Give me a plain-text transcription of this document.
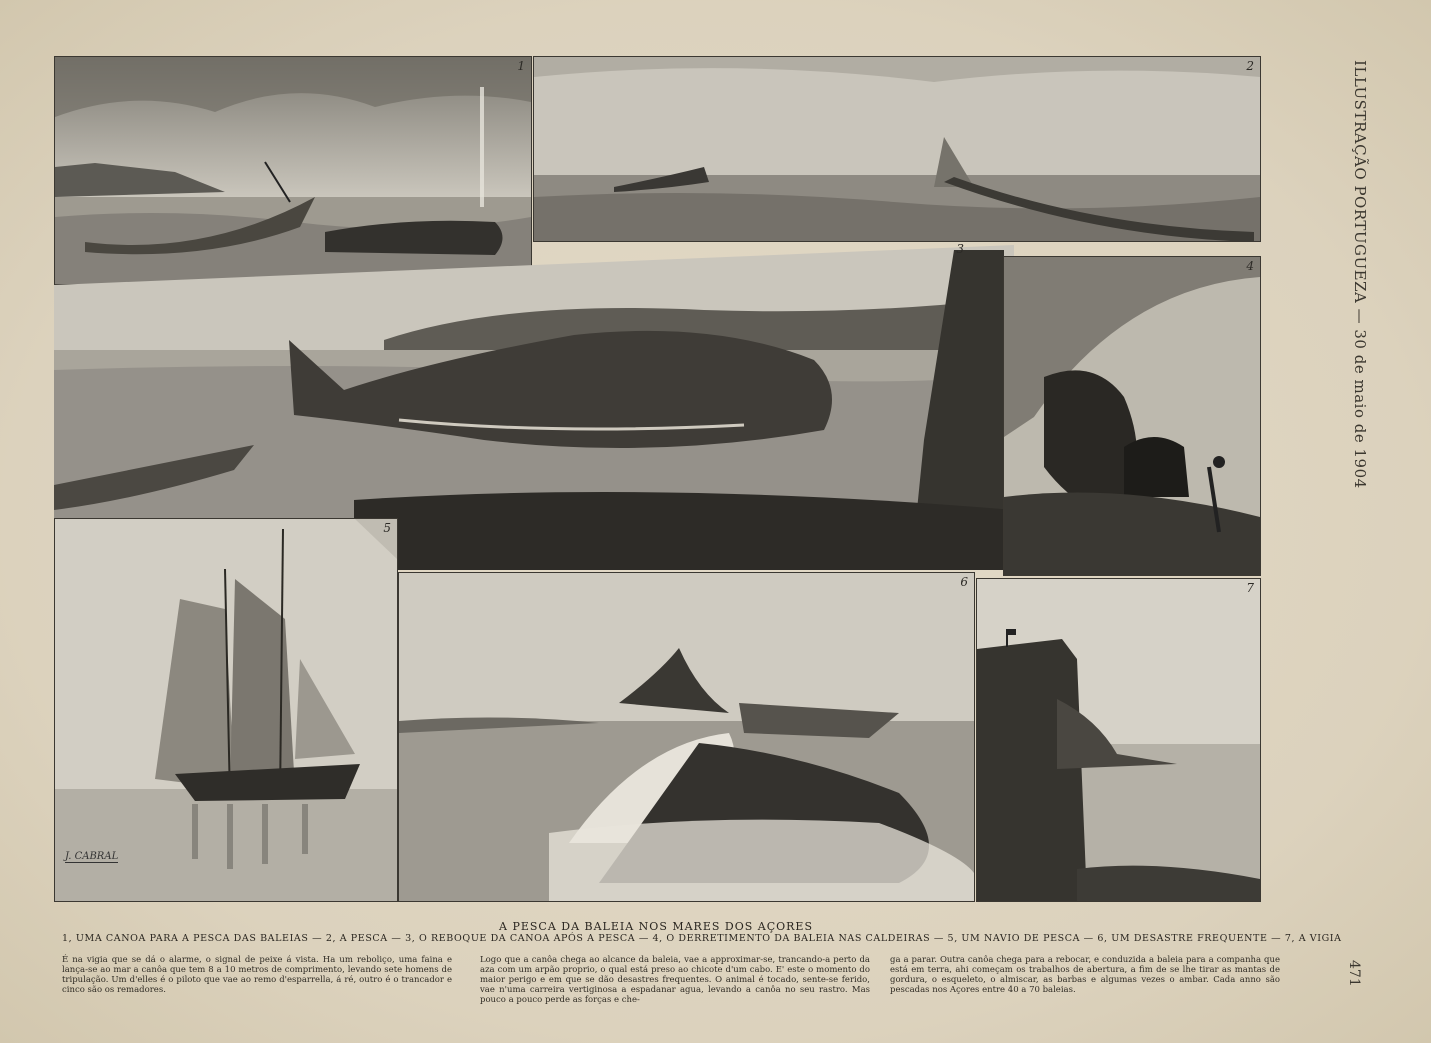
1	2
3
4
5
J. CABRAL
6	7
ILLUSTRAÇÃO PORTUGUEZA — 30 de maio de 1904
471
A PESCA DA BALEIA NOS MARES DOS AÇORES
1, UMA CANOA PARA A PESCA DAS BALEIAS — 2, A PESCA — 3, O REBOQUE DA CANOA APÓS A PESCA — 4, O DERRETIMENTO DA BALEIA NAS CALDEIRAS — 5, UM NAVIO DE PESCA — 6, UM DESASTRE FREQUENTE — 7, A VIGIA

É na vigia que se dá o alarme, o signal de peixe á vista. Ha um reboliço, uma faina e lança-se ao mar a canôa que tem 8 a 10 metros de comprimento, levando sete homens de tripulação. Um d'elles é o piloto que vae ao remo d'esparrella, á ré, outro é o trancador e cinco são os remadores.

Logo que a canôa chega ao alcance da baleia, vae a approximar-se, trancando-a perto da aza com um arpão proprio, o qual está preso ao chicote d'um cabo. E' este o momento do maior perigo e em que se dão desastres frequentes. O animal é tocado, sente-se ferido, vae n'uma carreira vertiginosa a espadanar agua, levando a canôa no seu rastro. Mas pouco a pouco perde as forças e che-

ga a parar. Outra canôa chega para a rebocar, e conduzida a baleia para a companha que está em terra, ahi começam os trabalhos de abertura, a fim de se lhe tirar as mantas de gordura, o esqueleto, o almiscar, as barbas e algumas vezes o ambar. Cada anno são pescadas nos Açores entre 40 a 70 baleias.
